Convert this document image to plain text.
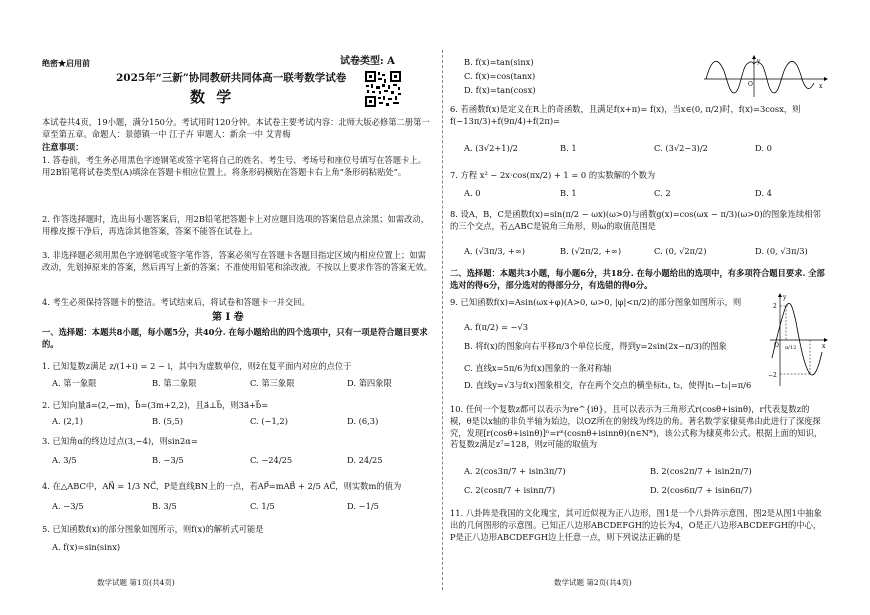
绝密★启用前	试卷类型: A
2025年“三新”协同教研共同体高一联考数学试卷
数 学
本试卷共4页，19小题，满分150分。考试用时120分钟。本试卷主要考试内容：北师大版必修第二册第一章至第五章。命题人：景德镇一中 江子卉 审题人：新余一中 艾青梅
注意事项：
1. 答卷前，考生务必用黑色字迹钢笔或签字笔将自己的姓名、考生号、考场号和座位号填写在答题卡上。用2B铅笔将试卷类型(A)填涂在答题卡相应位置上。将条形码横贴在答题卡右上角“条形码粘贴处”。
2. 作答选择题时，选出每小题答案后，用2B铅笔把答题卡上对应题目选项的答案信息点涂黑；如需改动，用橡皮擦干净后，再选涂其他答案，答案不能答在试卷上。
3. 非选择题必须用黑色字迹钢笔或签字笔作答，答案必须写在答题卡各题目指定区域内相应位置上；如需改动，先划掉原来的答案，然后再写上新的答案；不准使用铅笔和涂改液。不按以上要求作答的答案无效。
4. 考生必须保持答题卡的整洁。考试结束后，将试卷和答题卡一并交回。
第 Ⅰ 卷
一、选择题：本题共8小题，每小题5分，共40分. 在每小题给出的四个选项中，只有一项是符合题目要求的。
1. 已知复数z满足 z/(1+i) = 2 − i，其中i为虚数单位，则z̄在复平面内对应的点位于
A. 第一象限	B. 第二象限	C. 第三象限	D. 第四象限
2. 已知向量a⃗=(2,−m)，b⃗=(3m+2,2)，且a⃗⊥b⃗，则3a⃗+b⃗=
A. (2,1)	B. (5,5)	C. (−1,2)	D. (6,3)
3. 已知角α的终边过点(3,−4)，则sin2α=
A. 3/5	B. −3/5	C. −24/25	D. 24/25
4. 在△ABC中，AN⃗ = 1/3 NC⃗，P是直线BN上的一点，若AP⃗=mAB⃗ + 2/5 AC⃗，则实数m的值为
A. −3/5	B. 3/5	C. 1/5	D. −1/5
5. 已知函数f(x)的部分图象如图所示，则f(x)的解析式可能是
A. f(x)=sin(sinx)
数学试题 第1页(共4页)
B. f(x)=tan(sinx)
C. f(x)=cos(tanx)
D. f(x)=tan(cosx)
y
x
O
6. 若函数f(x)是定义在R上的奇函数，且满足f(x+π)= f(x)，当x∈(0, π/2)时，f(x)=3cosx，则f(−13π/3)+f(9π/4)+f(2π)=
A. (3√2+1)/2	B. 1	C. (3√2−3)/2	D. 0
7. 方程 x² − 2x·cos(πx/2) + 1 = 0 的实数解的个数为
A. 0	B. 1	C. 2	D. 4
8. 设A，B，C是函数f(x)=sin(π/2 − ωx)(ω>0)与函数g(x)=cos(ωx − π/3)(ω>0)的图象连续相邻的三个交点，若△ABC是锐角三角形，则ω的取值范围是
A. (√3π/3, +∞)	B. (√2π/2, +∞)	C. (0, √2π/2)	D. (0, √3π/3)
二、选择题：本题共3小题，每小题6分，共18分. 在每小题给出的选项中，有多项符合题目要求. 全部选对的得6分，部分选对的得部分分，有选错的得0分。
9. 已知函数f(x)=Asin(ωx+φ)(A>0, ω>0, |φ|<π/2)的部分图象如图所示，则
A. f(π/2) = −√3
B. 将f(x)的图象向右平移π/3个单位长度，得到y=2sin(2x−π/3)的图象
C. 直线x=5π/6为f(x)图象的一条对称轴
D. 直线y=√3与f(x)图象相交，存在两个交点的横坐标t₁, t₂，使得|t₁−t₂|=π/6
y
x
O
2
−2
π/12
10. 任何一个复数z都可以表示为re^{iθ}，且可以表示为三角形式r(cosθ+isinθ)，r代表复数z的模，θ是以x轴的非负半轴为始边，以OZ所在的射线为终边的角。著名数学家棣莫弗由此进行了深度探究，发现[r(cosθ+isinθ)]ⁿ=rⁿ(cosnθ+isinnθ)(n∈N*)，该公式称为棣莫弗公式。根据上面的知识，若复数z满足z⁷=128，则z可能的取值为
A. 2(cos3π/7 + isin3π/7)	B. 2(cos2π/7 + isin2π/7)
C. 2(cosπ/7 + isinπ/7)	D. 2(cos6π/7 + isin6π/7)
11. 八卦阵是我国的文化瑰宝，其可近似视为正八边形，图1是一个八卦阵示意图，图2是从图1中抽象出的几何图形的示意图。已知正八边形ABCDEFGH的边长为4，O是正八边形ABCDEFGH的中心，P是正八边形ABCDEFGH边上任意一点，则下列说法正确的是
数学试题 第2页(共4页)
